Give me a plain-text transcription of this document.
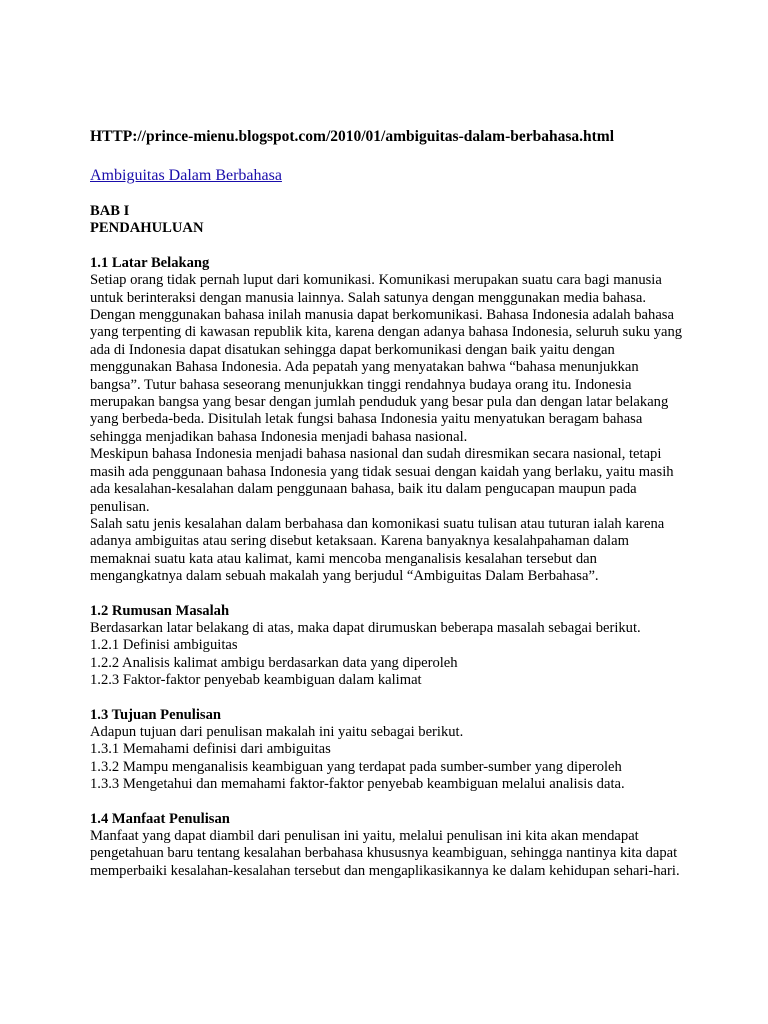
HTTP://prince-mienu.blogspot.com/2010/01/ambiguitas-dalam-berbahasa.html
Ambiguitas Dalam Berbahasa
BAB I
PENDAHULUAN
1.1 Latar Belakang

Setiap orang tidak pernah luput dari komunikasi. Komunikasi merupakan suatu cara bagi manusia untuk berinteraksi dengan manusia lainnya. Salah satunya dengan menggunakan media bahasa. Dengan menggunakan bahasa inilah manusia dapat berkomunikasi. Bahasa Indonesia adalah bahasa yang terpenting di kawasan republik kita, karena dengan adanya bahasa Indonesia, seluruh suku yang ada di Indonesia dapat disatukan sehingga dapat berkomunikasi dengan baik yaitu dengan menggunakan Bahasa Indonesia. Ada pepatah yang menyatakan bahwa “bahasa menunjukkan bangsa”. Tutur bahasa seseorang menunjukkan tinggi rendahnya budaya orang itu. Indonesia merupakan bangsa yang besar dengan jumlah penduduk yang besar pula dan dengan latar belakang yang berbeda-beda. Disitulah letak fungsi bahasa Indonesia yaitu menyatukan beragam bahasa sehingga menjadikan bahasa Indonesia menjadi bahasa nasional.

Meskipun bahasa Indonesia menjadi bahasa nasional dan sudah diresmikan secara nasional, tetapi masih ada penggunaan bahasa Indonesia yang tidak sesuai dengan kaidah yang berlaku, yaitu masih ada kesalahan-kesalahan dalam penggunaan bahasa, baik itu dalam pengucapan maupun pada penulisan.

Salah satu jenis kesalahan dalam berbahasa dan komonikasi suatu tulisan atau tuturan ialah karena adanya ambiguitas atau sering disebut ketaksaan. Karena banyaknya kesalahpahaman dalam memaknai suatu kata atau kalimat, kami mencoba menganalisis kesalahan tersebut dan mengangkatnya dalam sebuah makalah yang berjudul “Ambiguitas Dalam Berbahasa”.

1.2 Rumusan Masalah

Berdasarkan latar belakang di atas, maka dapat dirumuskan beberapa masalah sebagai berikut.

1.2.1 Definisi ambiguitas
1.2.2 Analisis kalimat ambigu berdasarkan data yang diperoleh
1.2.3 Faktor-faktor penyebab keambiguan dalam kalimat
1.3 Tujuan Penulisan

Adapun tujuan dari penulisan makalah ini yaitu sebagai berikut.

1.3.1 Memahami definisi dari ambiguitas
1.3.2 Mampu menganalisis keambiguan yang terdapat pada sumber-sumber yang diperoleh
1.3.3 Mengetahui dan memahami faktor-faktor penyebab keambiguan melalui analisis data.
1.4 Manfaat Penulisan

Manfaat yang dapat diambil dari penulisan ini yaitu, melalui penulisan ini kita akan mendapat pengetahuan baru tentang kesalahan berbahasa khususnya keambiguan, sehingga nantinya kita dapat memperbaiki kesalahan-kesalahan tersebut dan mengaplikasikannya ke dalam kehidupan sehari-hari.
